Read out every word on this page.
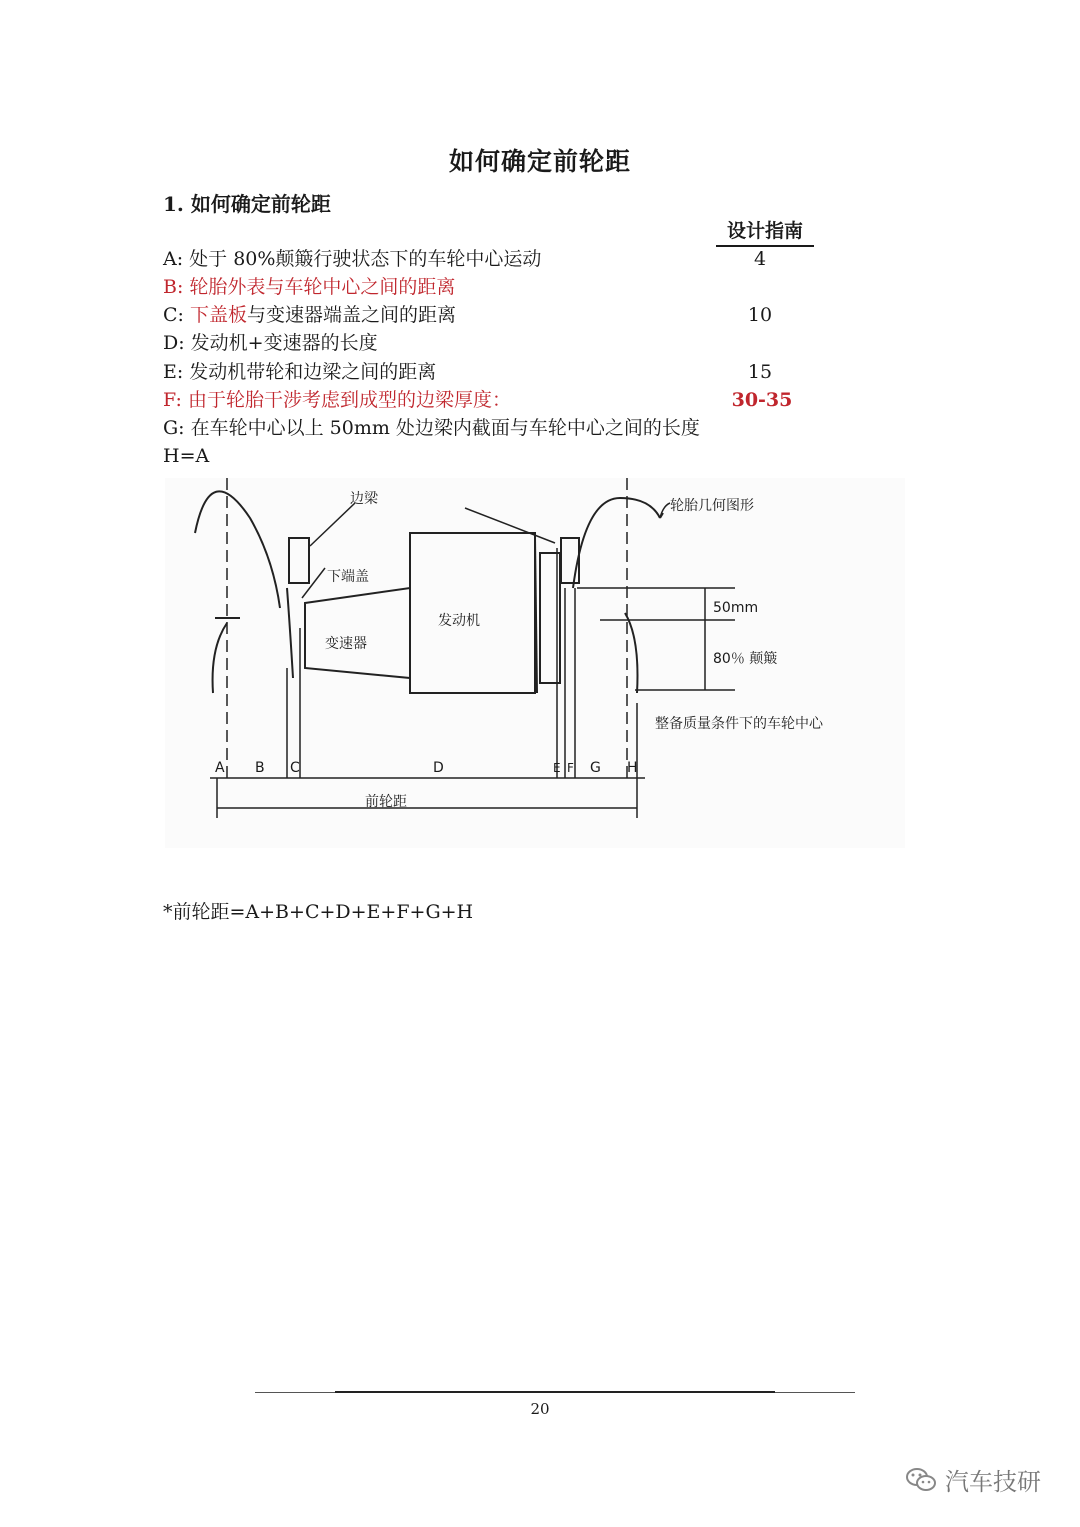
如何确定前轮距
1. 如何确定前轮距
设计指南
A: 处于 80%颠簸行驶状态下的车轮中心运动	4
B: 轮胎外表与车轮中心之间的距离
C: 下盖板与变速器端盖之间的距离	10
D: 发动机+变速器的长度
E: 发动机带轮和边梁之间的距离	15
F: 由于轮胎干涉考虑到成型的边梁厚度：	30-35
G: 在车轮中心以上 50mm 处边梁内截面与车轮中心之间的长度
H=A
边梁
下端盖
变速器
发动机
轮胎几何图形
50mm
80％ 颠簸
整备质量条件下的车轮中心
前轮距
A B C	D	E F G H
*前轮距=A+B+C+D+E+F+G+H
20
汽车技研
